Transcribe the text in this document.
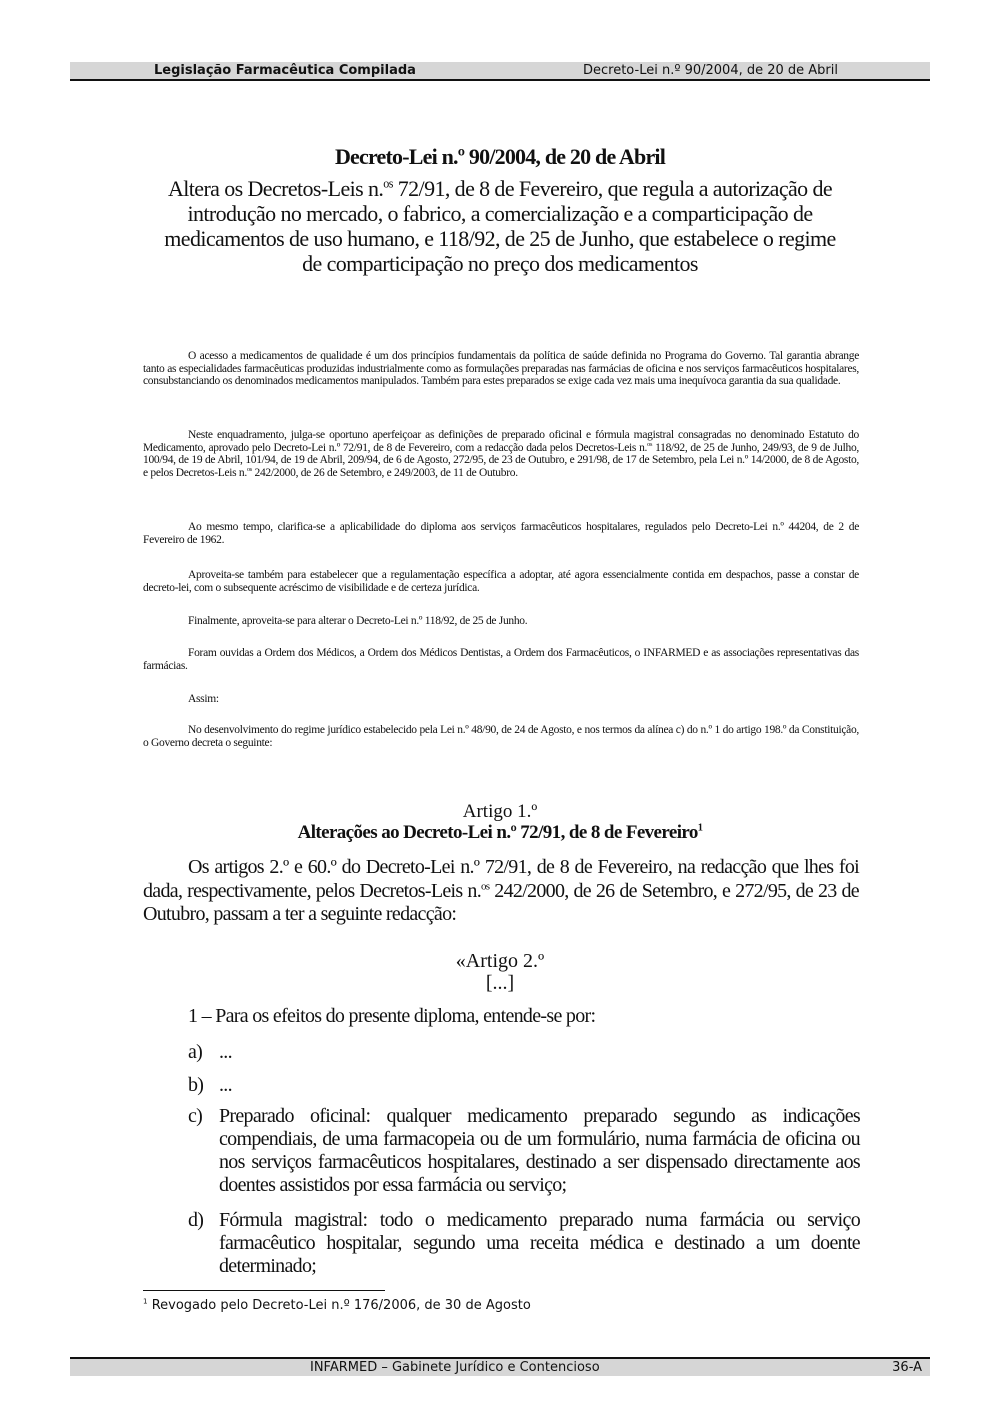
Legislação Farmacêutica Compilada	Decreto-Lei n.º 90/2004, de 20 de Abril
Decreto-Lei n.º 90/2004, de 20 de Abril
Altera os Decretos-Leis n.$^{os}$ 72/91, de 8 de Fevereiro, que regula a autorização de introdução no mercado, o fabrico, a comercialização e a comparticipação de medicamentos de uso humano, e 118/92, de 25 de Junho, que estabelece o regime de comparticipação no preço dos medicamentos

O acesso a medicamentos de qualidade é um dos princípios fundamentais da política de saúde definida no Programa do Governo. Tal garantia abrange tanto as especialidades farmacêuticas produzidas industrialmente como as formulações preparadas nas farmácias de oficina e nos serviços farmacêuticos hospitalares, consubstanciando os denominados medicamentos manipulados. Também para estes preparados se exige cada vez mais uma inequívoca garantia da sua qualidade.

Neste enquadramento, julga-se oportuno aperfeiçoar as definições de preparado oficinal e fórmula magistral consagradas no denominado Estatuto do Medicamento, aprovado pelo Decreto-Lei n.º 72/91, de 8 de Fevereiro, com a redacção dada pelos Decretos-Leis n.$^{os}$ 118/92, de 25 de Junho, 249/93, de 9 de Julho, 100/94, de 19 de Abril, 101/94, de 19 de Abril, 209/94, de 6 de Agosto, 272/95, de 23 de Outubro, e 291/98, de 17 de Setembro, pela Lei n.º 14/2000, de 8 de Agosto, e pelos Decretos-Leis n.$^{os}$ 242/2000, de 26 de Setembro, e 249/2003, de 11 de Outubro.

Ao mesmo tempo, clarifica-se a aplicabilidade do diploma aos serviços farmacêuticos hospitalares, regulados pelo Decreto-Lei n.º 44204, de 2 de Fevereiro de 1962.

Aproveita-se também para estabelecer que a regulamentação específica a adoptar, até agora essencialmente contida em despachos, passe a constar de decreto-lei, com o subsequente acréscimo de visibilidade e de certeza jurídica.

Finalmente, aproveita-se para alterar o Decreto-Lei n.º 118/92, de 25 de Junho.

Foram ouvidas a Ordem dos Médicos, a Ordem dos Médicos Dentistas, a Ordem dos Farmacêuticos, o INFARMED e as associações representativas das farmácias.

Assim:

No desenvolvimento do regime jurídico estabelecido pela Lei n.º 48/90, de 24 de Agosto, e nos termos da alínea c) do n.º 1 do artigo 198.º da Constituição, o Governo decreta o seguinte:

Artigo 1.º
Alterações ao Decreto-Lei n.º 72/91, de 8 de Fevereiro$^1$

Os artigos 2.º e 60.º do Decreto-Lei n.º 72/91, de 8 de Fevereiro, na redacção que lhes foi dada, respectivamente, pelos Decretos-Leis n.$^{os}$ 242/2000, de 26 de Setembro, e 272/95, de 23 de Outubro, passam a ter a seguinte redacção:

«Artigo 2.º
[...]
1 – Para os efeitos do presente diploma, entende-se por:
a) ...
b) ...
c) Preparado oficinal: qualquer medicamento preparado segundo as indicações compendiais, de uma farmacopeia ou de um formulário, numa farmácia de oficina ou nos serviços farmacêuticos hospitalares, destinado a ser dispensado directamente aos doentes assistidos por essa farmácia ou serviço;
d) Fórmula magistral: todo o medicamento preparado numa farmácia ou serviço farmacêutico hospitalar, segundo uma receita médica e destinado a um doente determinado;
$^1$ Revogado pelo Decreto-Lei n.º 176/2006, de 30 de Agosto
INFARMED – Gabinete Jurídico e Contencioso	36-A
